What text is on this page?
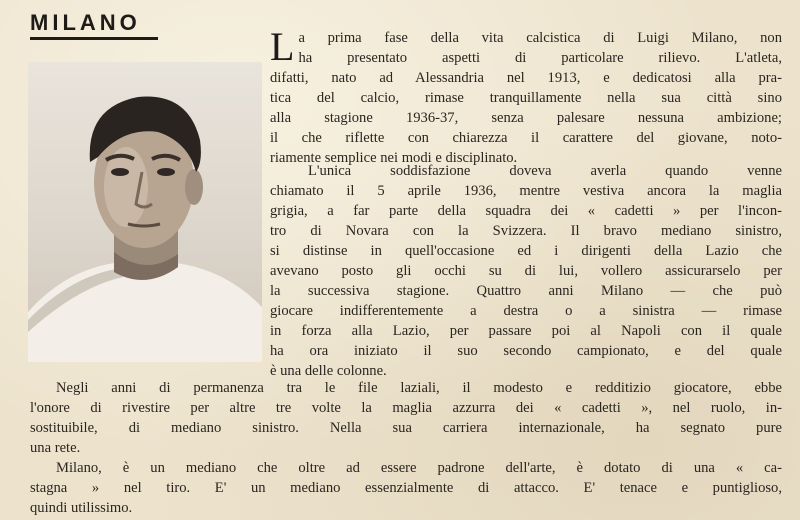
MILANO
L a prima fase della vita calcistica di Luigi Milano, non
ha presentato aspetti di particolare rilievo. L'atleta,
difatti, nato ad Alessandria nel 1913, e dedicatosi alla pra-
tica del calcio, rimase tranquillamente nella sua città sino
alla stagione 1936-37, senza palesare nessuna ambizione;
il che riflette con chiarezza il carattere del giovane, noto-
riamente semplice nei modi e disciplinato.
L'unica soddisfazione doveva averla quando venne
chiamato il 5 aprile 1936, mentre vestiva ancora la maglia
grigia, a far parte della squadra dei « cadetti » per l'incon-
tro di Novara con la Svizzera. Il bravo mediano sinistro,
si distinse in quell'occasione ed i dirigenti della Lazio che
avevano posto gli occhi su di lui, vollero assicurarselo per
la successiva stagione. Quattro anni Milano — che può
giocare indifferentemente a destra o a sinistra — rimase
in forza alla Lazio, per passare poi al Napoli con il quale
ha ora iniziato il suo secondo campionato, e del quale
è una delle colonne.
Negli anni di permanenza tra le file laziali, il modesto e redditizio giocatore, ebbe
l'onore di rivestire per altre tre volte la maglia azzurra dei « cadetti », nel ruolo, in-
sostituibile, di mediano sinistro. Nella sua carriera internazionale, ha segnato pure
una rete.
Milano, è un mediano che oltre ad essere padrone dell'arte, è dotato di una « ca-
stagna » nel tiro. E' un mediano essenzialmente di attacco. E' tenace e puntiglioso,
quindi utilissimo.
